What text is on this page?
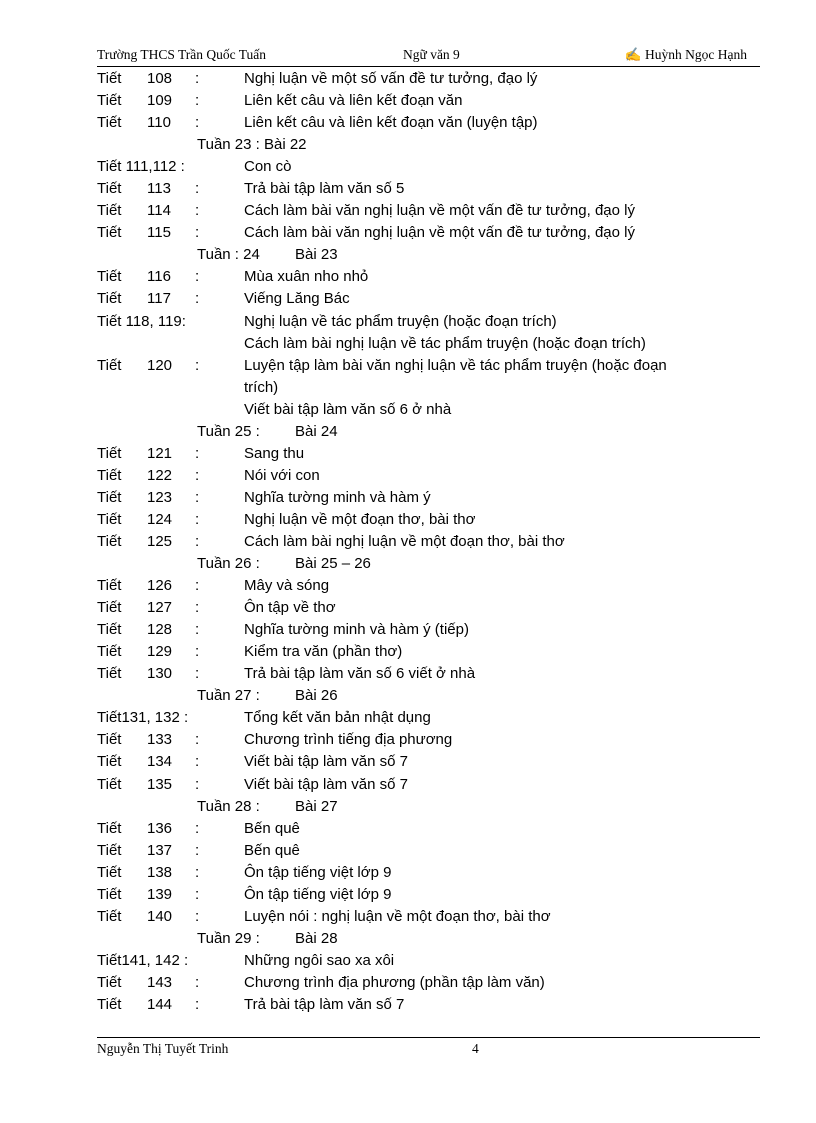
Trường THCS Trần Quốc Tuấn	Ngữ văn 9	✍ Huỳnh Ngọc Hạnh
Tiết 108 :	Nghị luận về một số vấn đề tư tưởng, đạo lý
Tiết 109 :	Liên kết câu và liên kết đoạn văn
Tiết 110 :	Liên kết câu và liên kết đoạn văn (luyện tập)
Tuần 23 : Bài 22
Tiết 111,112 :	Con cò
Tiết 113 :	Trả bài tập làm văn số 5
Tiết 114 :	Cách làm bài văn nghị luận về một vấn đề tư tưởng, đạo lý
Tiết 115 :	Cách làm bài văn nghị luận về một vấn đề tư tưởng, đạo lý
Tuần : 24 Bài 23
Tiết 116 :	Mùa xuân nho nhỏ
Tiết 117 :	Viếng Lăng Bác
Tiết 118, 119:	Nghị luận về tác phẩm truyện (hoặc đoạn trích)
Cách làm bài nghị luận về tác phẩm truyện (hoặc đoạn trích)
Tiết 120 :	Luyện tập làm bài văn nghị luận về tác phẩm truyện (hoặc đoạn
trích)
Viết bài tập làm văn số 6 ở nhà
Tuần 25 : Bài 24
Tiết 121 :	Sang thu
Tiết 122 :	Nói với con
Tiết 123 :	Nghĩa tường minh và hàm ý
Tiết 124 :	Nghị luận về một đoạn thơ, bài thơ
Tiết 125 :	Cách làm bài nghị luận về một đoạn thơ, bài thơ
Tuần 26 : Bài 25 – 26
Tiết 126 :	Mây và sóng
Tiết 127 :	Ôn tập về thơ
Tiết 128 :	Nghĩa tường minh và hàm ý (tiếp)
Tiết 129 :	Kiểm tra văn (phần thơ)
Tiết 130 :	Trả bài tập làm văn số 6 viết ở nhà
Tuần 27 : Bài 26
Tiết131, 132 :	Tổng kết văn bản nhật dụng
Tiết 133 :	Chương trình tiếng địa phương
Tiết 134 :	Viết bài tập làm văn số 7
Tiết 135 :	Viết bài tập làm văn số 7
Tuần 28 : Bài 27
Tiết 136 :	Bến quê
Tiết 137 :	Bến quê
Tiết 138 :	Ôn tập tiếng việt lớp 9
Tiết 139 :	Ôn tập tiếng việt lớp 9
Tiết 140 :	Luyện nói : nghị luận về một đoạn thơ, bài thơ
Tuần 29 : Bài 28
Tiết141, 142 :	Những ngôi sao xa xôi
Tiết 143 :	Chương trình địa phương (phần tập làm văn)
Tiết 144 :	Trả bài tập làm văn số 7
Nguyễn Thị Tuyết Trinh	4
